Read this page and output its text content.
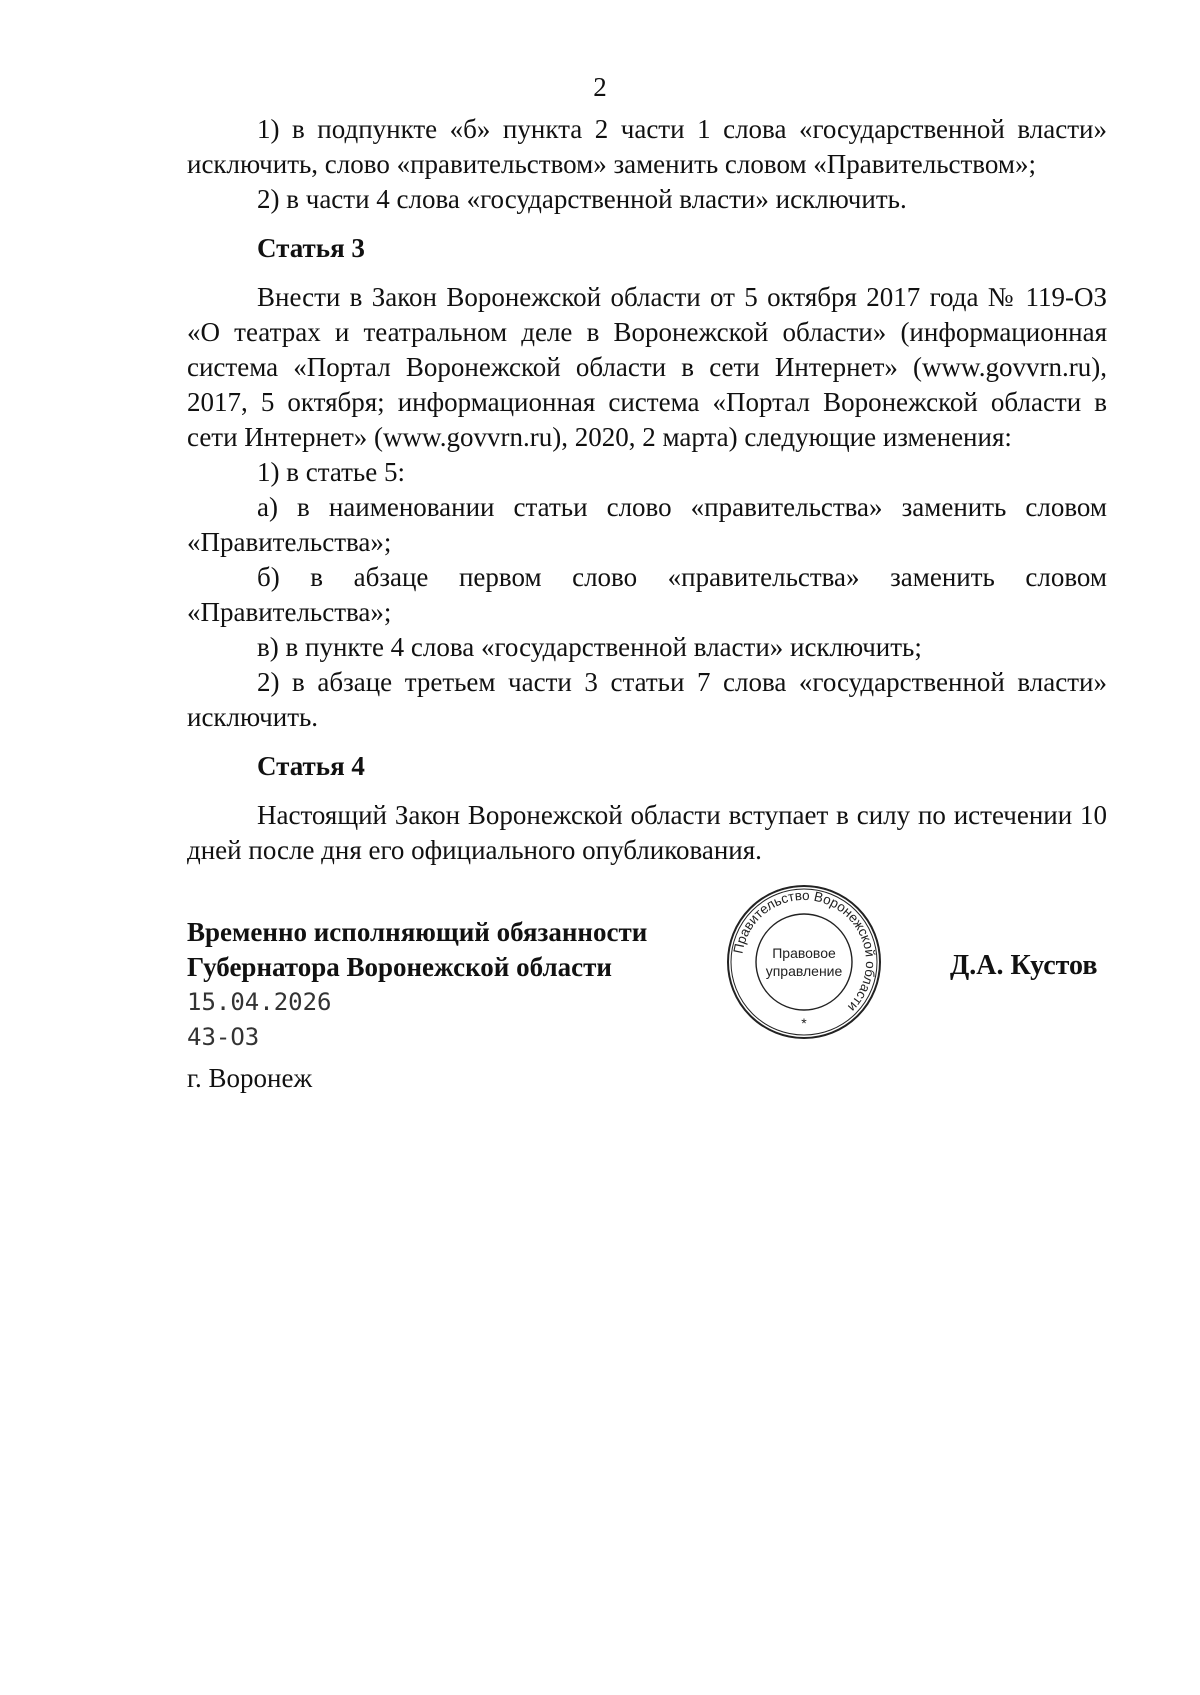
2

1) в подпункте «б» пункта 2 части 1 слова «государственной власти» исключить, слово «правительством» заменить словом «Правительством»;

2) в части 4 слова «государственной власти» исключить.

Статья 3

Внести в Закон Воронежской области от 5 октября 2017 года № 119-ОЗ «О театрах и театральном деле в Воронежской области» (информационная система «Портал Воронежской области в сети Интернет» (www.govvrn.ru), 2017, 5 октября; информационная система «Портал Воронежской области в сети Интернет» (www.govvrn.ru), 2020, 2 марта) следующие изменения:

1) в статье 5:

а) в наименовании статьи слово «правительства» заменить словом «Правительства»;

б) в абзаце первом слово «правительства» заменить словом «Правительства»;

в) в пункте 4 слова «государственной власти» исключить;

2) в абзаце третьем части 3 статьи 7 слова «государственной власти» исключить.

Статья 4

Настоящий Закон Воронежской области вступает в силу по истечении 10 дней после дня его официального опубликования.

Временно исполняющий обязанности
Губернатора Воронежской области
15.04.2026
43-ОЗ
г. Воронеж
Правительство Воронежской области
Правовое
управление
*
Д.А. Кустов
